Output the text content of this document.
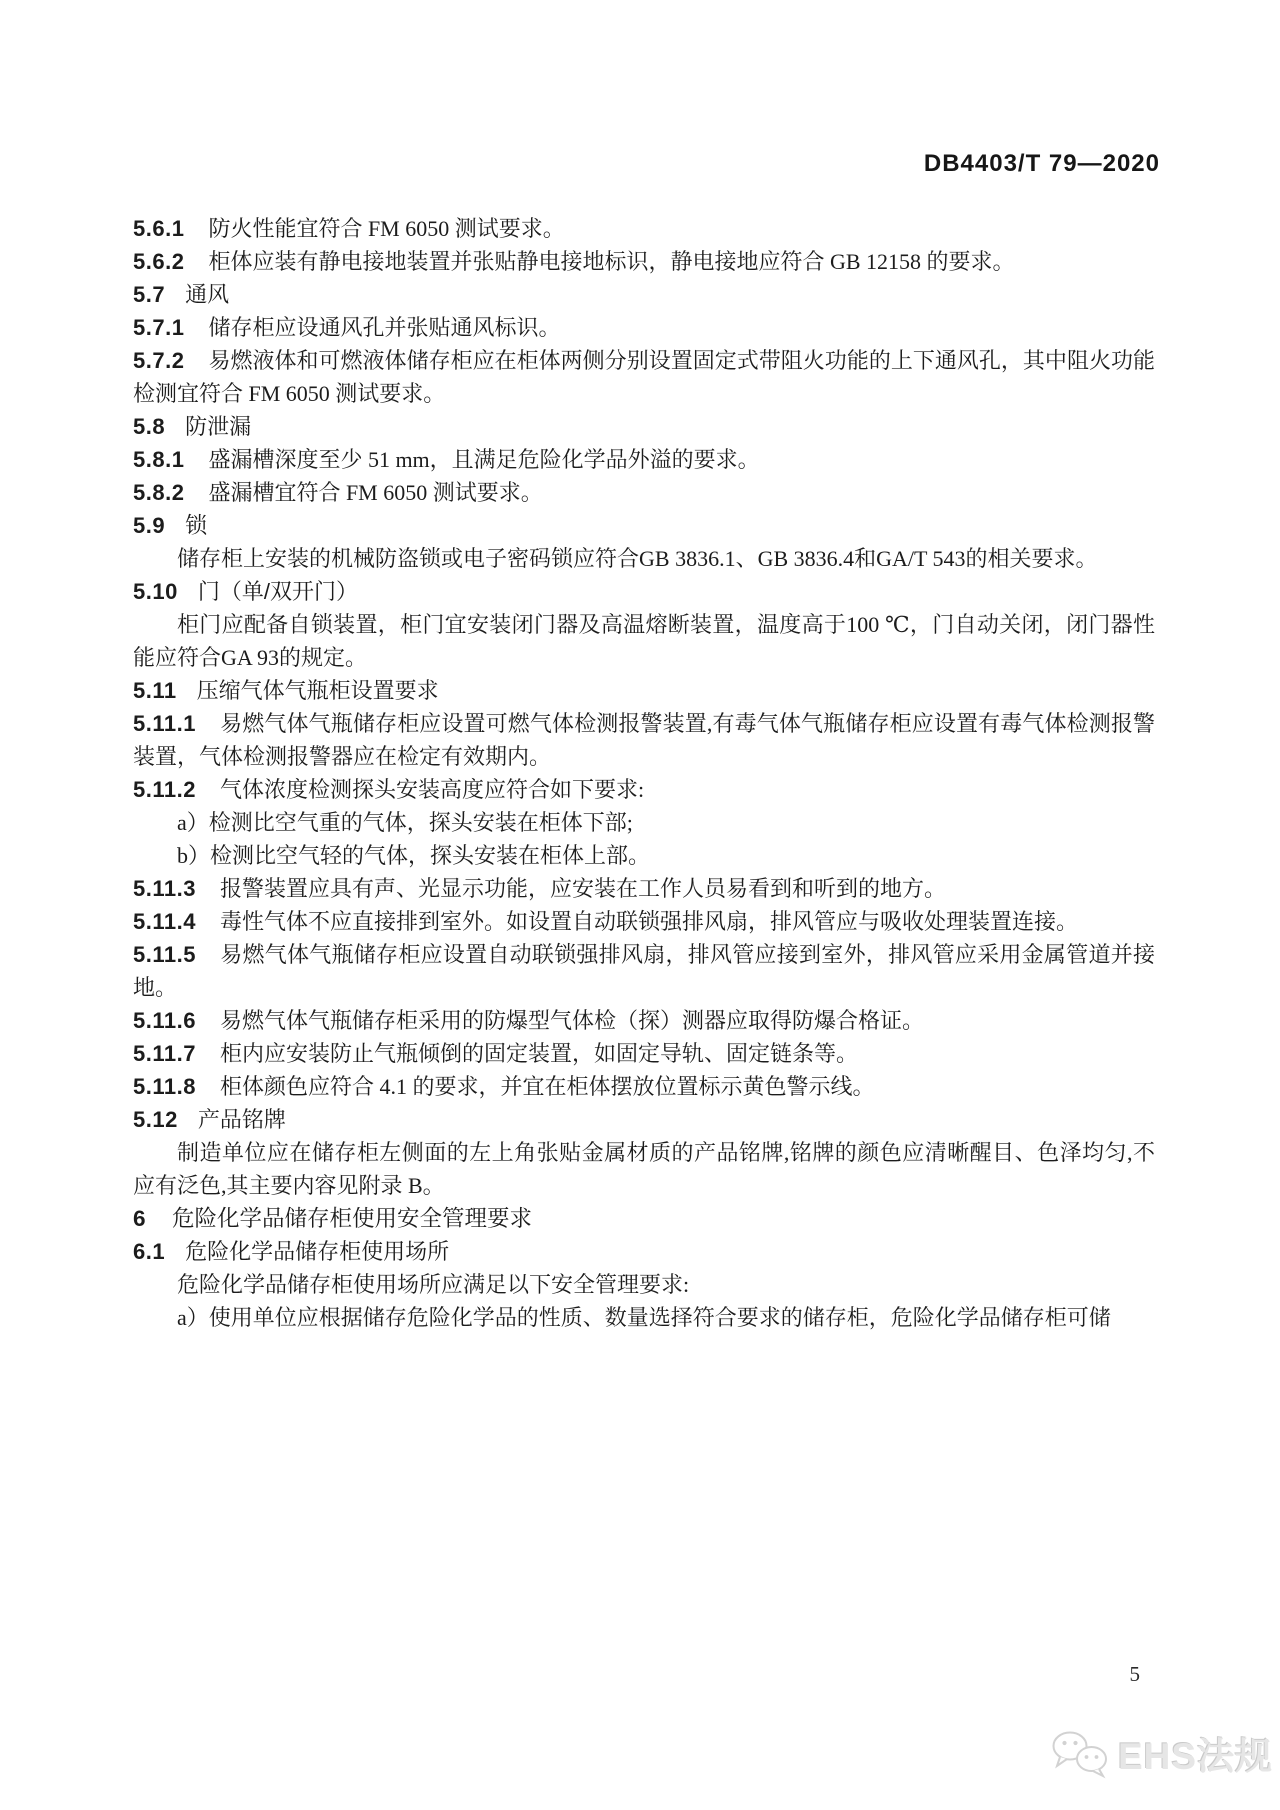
DB4403/T 79—2020

5.6.1 防火性能宜符合 FM 6050 测试要求。

5.6.2 柜体应装有静电接地装置并张贴静电接地标识，静电接地应符合 GB 12158 的要求。

5.7 通风

5.7.1 储存柜应设通风孔并张贴通风标识。

5.7.2 易燃液体和可燃液体储存柜应在柜体两侧分别设置固定式带阻火功能的上下通风孔，其中阻火功能检测宜符合 FM 6050 测试要求。

5.8 防泄漏

5.8.1 盛漏槽深度至少 51 mm，且满足危险化学品外溢的要求。

5.8.2 盛漏槽宜符合 FM 6050 测试要求。

5.9 锁

储存柜上安装的机械防盗锁或电子密码锁应符合GB 3836.1、GB 3836.4和GA/T 543的相关要求。

5.10 门（单/双开门）

柜门应配备自锁装置，柜门宜安装闭门器及高温熔断装置，温度高于100 ℃，门自动关闭，闭门器性能应符合GA 93的规定。

5.11 压缩气体气瓶柜设置要求

5.11.1 易燃气体气瓶储存柜应设置可燃气体检测报警装置,有毒气体气瓶储存柜应设置有毒气体检测报警装置，气体检测报警器应在检定有效期内。

5.11.2 气体浓度检测探头安装高度应符合如下要求:

a）检测比空气重的气体，探头安装在柜体下部;

b）检测比空气轻的气体，探头安装在柜体上部。

5.11.3 报警装置应具有声、光显示功能，应安装在工作人员易看到和听到的地方。

5.11.4 毒性气体不应直接排到室外。如设置自动联锁强排风扇，排风管应与吸收处理装置连接。

5.11.5 易燃气体气瓶储存柜应设置自动联锁强排风扇，排风管应接到室外，排风管应采用金属管道并接地。

5.11.6 易燃气体气瓶储存柜采用的防爆型气体检（探）测器应取得防爆合格证。

5.11.7 柜内应安装防止气瓶倾倒的固定装置，如固定导轨、固定链条等。

5.11.8 柜体颜色应符合 4.1 的要求，并宜在柜体摆放位置标示黄色警示线。

5.12 产品铭牌

制造单位应在储存柜左侧面的左上角张贴金属材质的产品铭牌,铭牌的颜色应清晰醒目、色泽均匀,不应有泛色,其主要内容见附录 B。

6 危险化学品储存柜使用安全管理要求
6.1 危险化学品储存柜使用场所

危险化学品储存柜使用场所应满足以下安全管理要求:

a）使用单位应根据储存危险化学品的性质、数量选择符合要求的储存柜，危险化学品储存柜可储

5
EHS法规
